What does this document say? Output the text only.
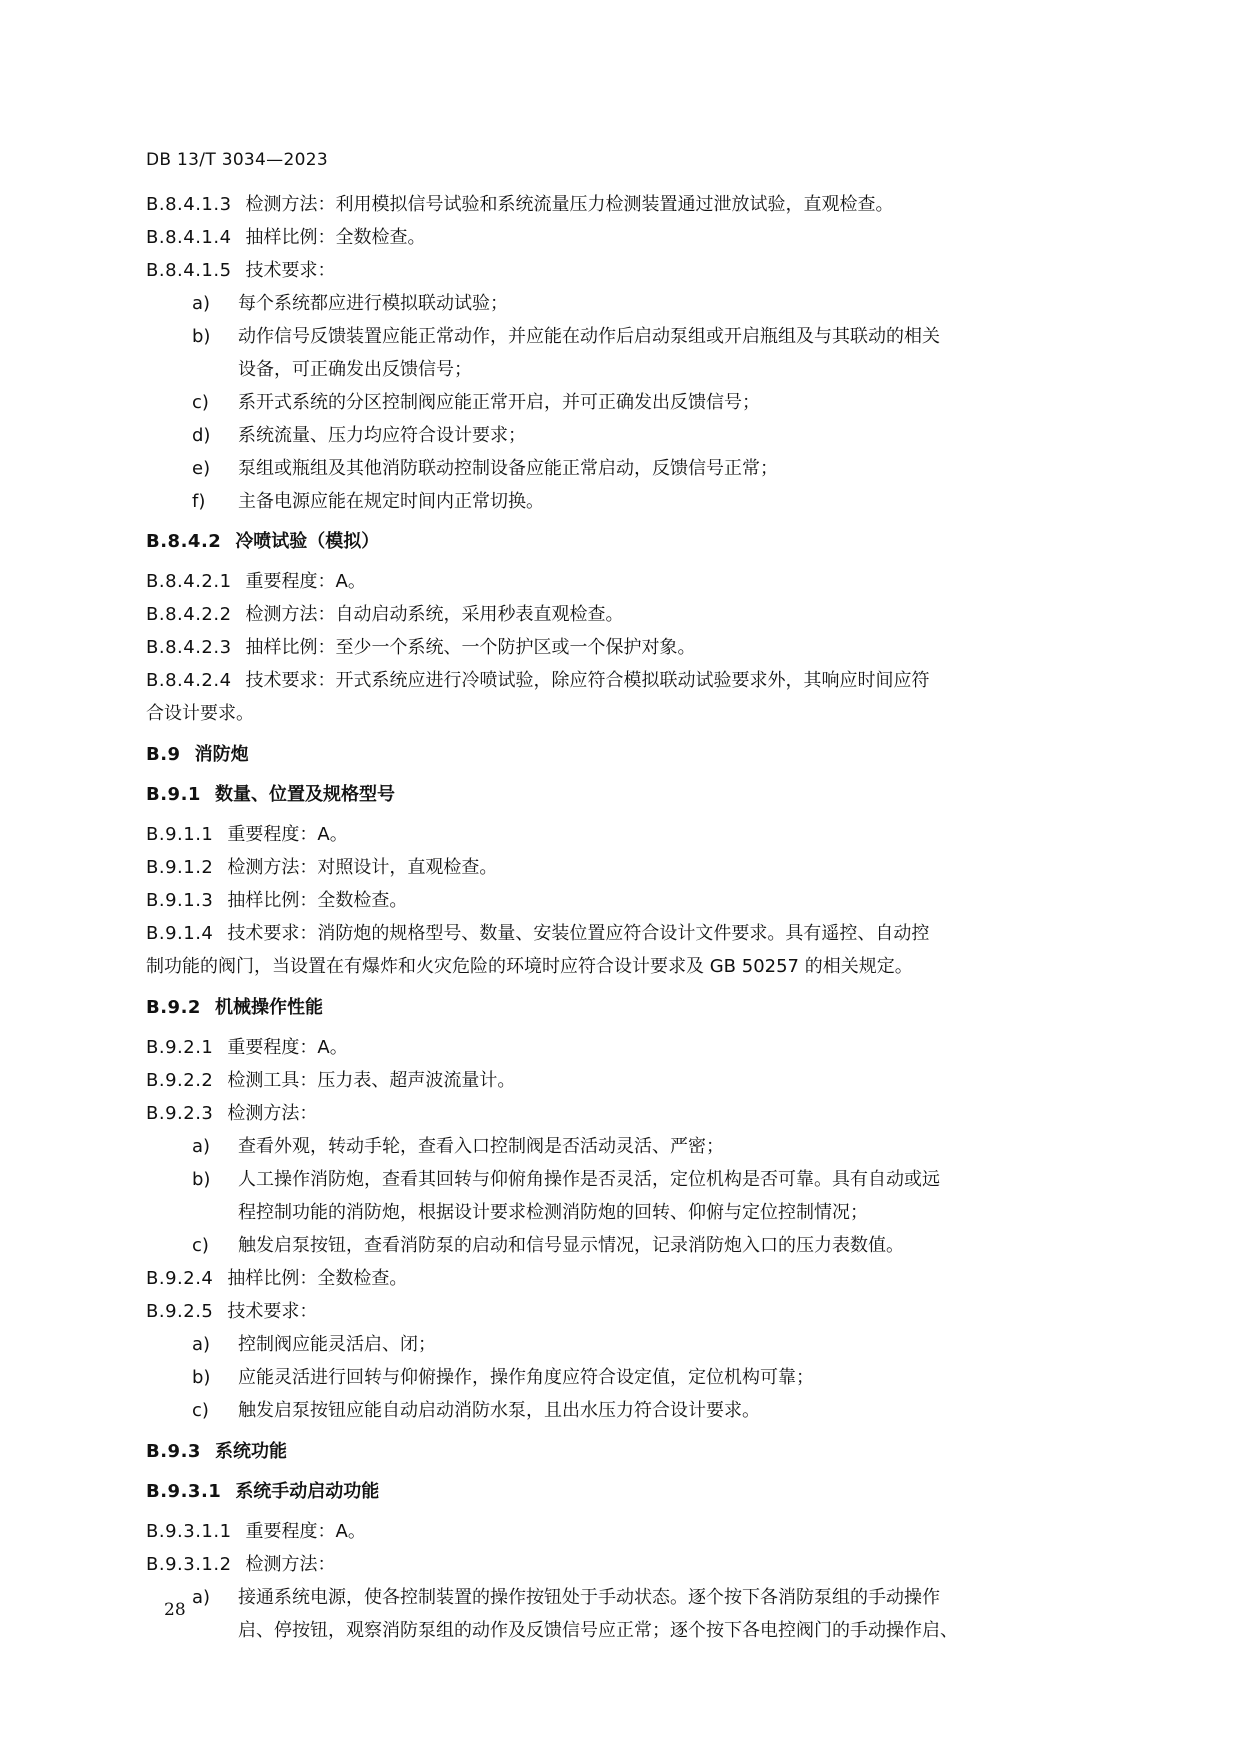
DB 13/T 3034—2023
B.8.4.1.3 检测方法：利用模拟信号试验和系统流量压力检测装置通过泄放试验，直观检查。
B.8.4.1.4 抽样比例：全数检查。
B.8.4.1.5 技术要求：
a) 每个系统都应进行模拟联动试验；
b) 动作信号反馈装置应能正常动作，并应能在动作后启动泵组或开启瓶组及与其联动的相关
设备，可正确发出反馈信号；
c) 系开式系统的分区控制阀应能正常开启，并可正确发出反馈信号；
d) 系统流量、压力均应符合设计要求；
e) 泵组或瓶组及其他消防联动控制设备应能正常启动，反馈信号正常；
f) 主备电源应能在规定时间内正常切换。
B.8.4.2 冷喷试验（模拟）
B.8.4.2.1 重要程度：A。
B.8.4.2.2 检测方法：自动启动系统，采用秒表直观检查。
B.8.4.2.3 抽样比例：至少一个系统、一个防护区或一个保护对象。
B.8.4.2.4 技术要求：开式系统应进行冷喷试验，除应符合模拟联动试验要求外，其响应时间应符
合设计要求。
B.9 消防炮
B.9.1 数量、位置及规格型号
B.9.1.1 重要程度：A。
B.9.1.2 检测方法：对照设计，直观检查。
B.9.1.3 抽样比例：全数检查。
B.9.1.4 技术要求：消防炮的规格型号、数量、安装位置应符合设计文件要求。具有遥控、自动控
制功能的阀门，当设置在有爆炸和火灾危险的环境时应符合设计要求及 GB 50257 的相关规定。
B.9.2 机械操作性能
B.9.2.1 重要程度：A。
B.9.2.2 检测工具：压力表、超声波流量计。
B.9.2.3 检测方法：
a) 查看外观，转动手轮，查看入口控制阀是否活动灵活、严密；
b) 人工操作消防炮，查看其回转与仰俯角操作是否灵活，定位机构是否可靠。具有自动或远
程控制功能的消防炮，根据设计要求检测消防炮的回转、仰俯与定位控制情况；
c) 触发启泵按钮，查看消防泵的启动和信号显示情况，记录消防炮入口的压力表数值。
B.9.2.4 抽样比例：全数检查。
B.9.2.5 技术要求：
a) 控制阀应能灵活启、闭；
b) 应能灵活进行回转与仰俯操作，操作角度应符合设定值，定位机构可靠；
c) 触发启泵按钮应能自动启动消防水泵，且出水压力符合设计要求。
B.9.3 系统功能
B.9.3.1 系统手动启动功能
B.9.3.1.1 重要程度：A。
B.9.3.1.2 检测方法：
a) 接通系统电源，使各控制装置的操作按钮处于手动状态。逐个按下各消防泵组的手动操作
启、停按钮，观察消防泵组的动作及反馈信号应正常；逐个按下各电控阀门的手动操作启、
28
